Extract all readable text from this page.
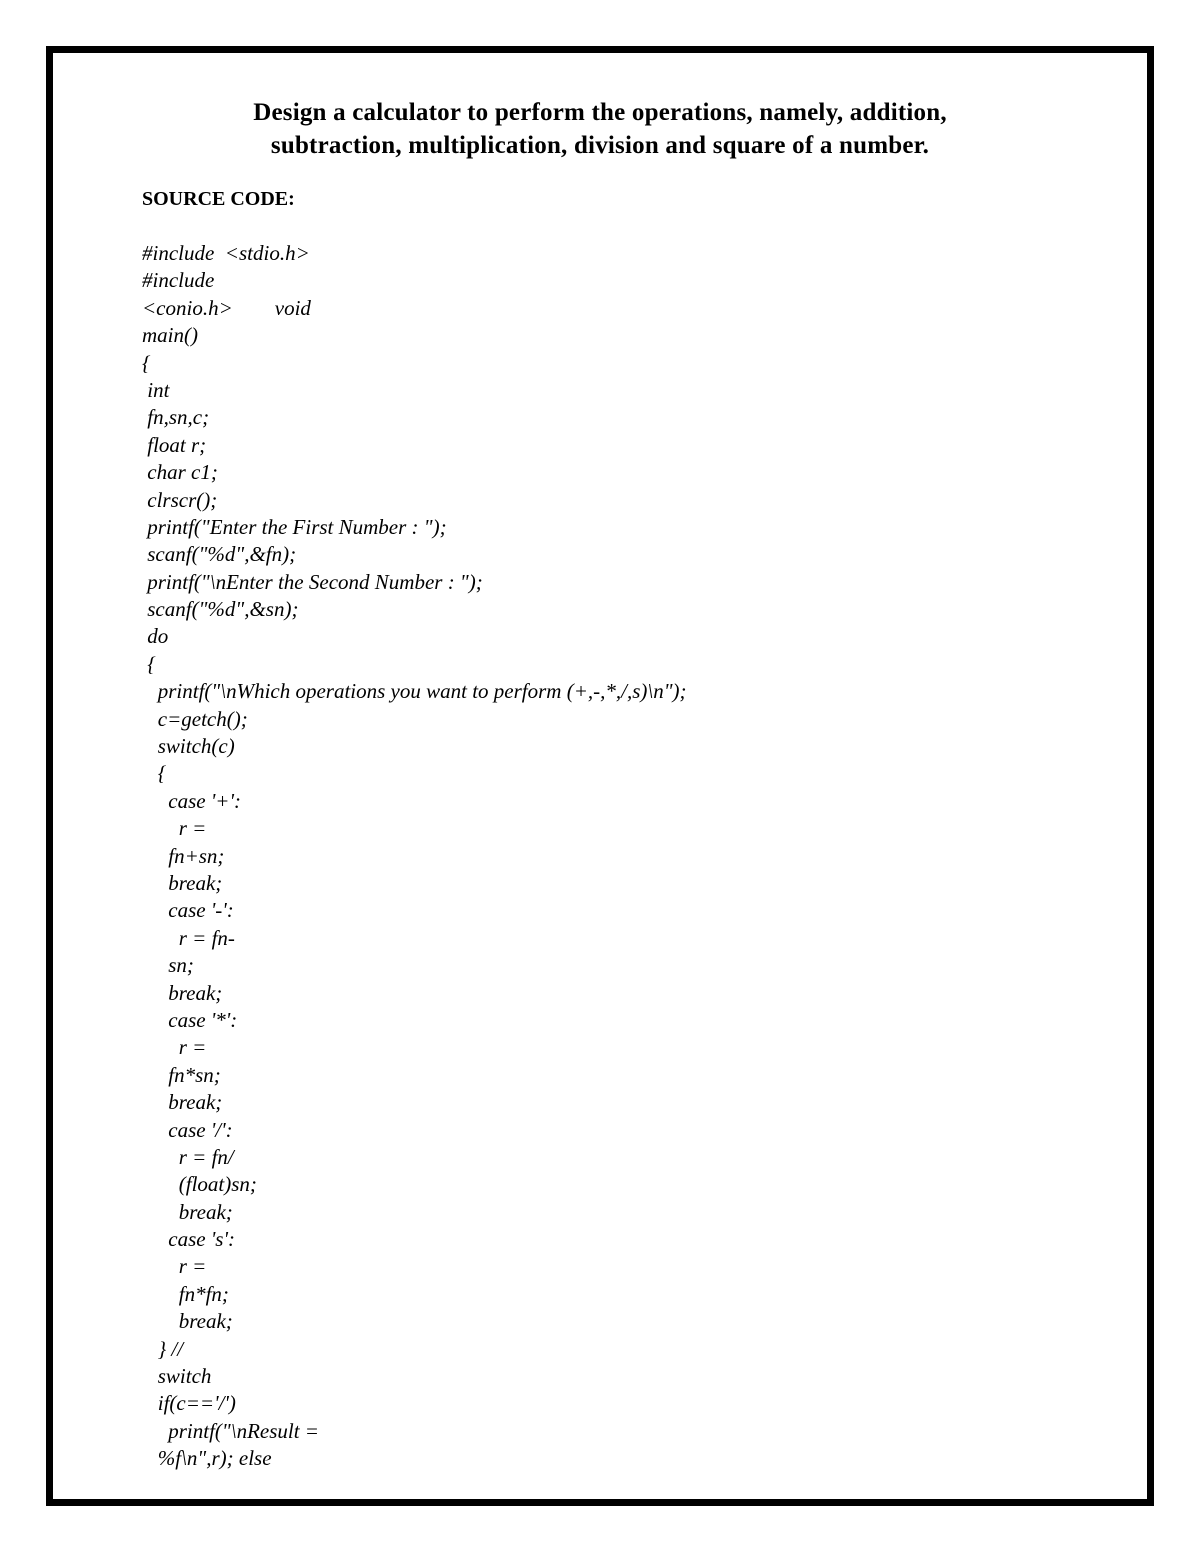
Design a calculator to perform the operations, namely, addition,
subtraction, multiplication, division and square of a number.
SOURCE CODE:
#include  <stdio.h>
#include
<conio.h>        void
main()
{
int
fn,sn,c;
float r;
char c1;
clrscr();
printf("Enter the First Number : ");
scanf("%d",&fn);
printf("\nEnter the Second Number : ");
scanf("%d",&sn);
do
{
printf("\nWhich operations you want to perform (+,-,*,/,s)\n");
c=getch();
switch(c)
{
case '+':
r =
fn+sn;
break;
case '-':
r = fn-
sn;
break;
case '*':
r =
fn*sn;
break;
case '/':
r = fn/
(float)sn;
break;
case 's':
r =
fn*fn;
break;
} //
switch
if(c=='/')
printf("\nResult =
%f\n",r); else
